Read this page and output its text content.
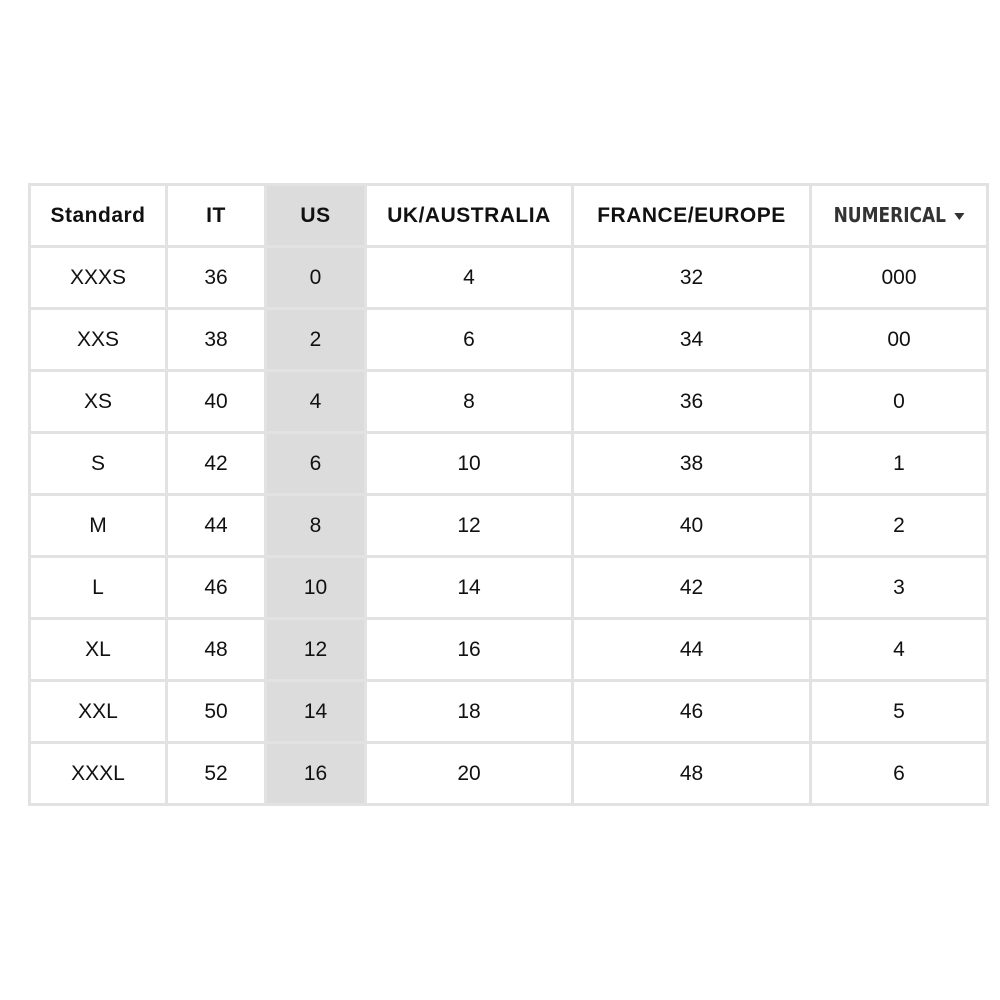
Standard	IT	US	UK/AUSTRALIA	FRANCE/EUROPE	NUMERICAL

XXXS	36	0	4	32	000
XXS	38	2	6	34	00
XS	40	4	8	36	0
S	42	6	10	38	1
M	44	8	12	40	2
L	46	10	14	42	3
XL	48	12	16	44	4
XXL	50	14	18	46	5
XXXL	52	16	20	48	6
